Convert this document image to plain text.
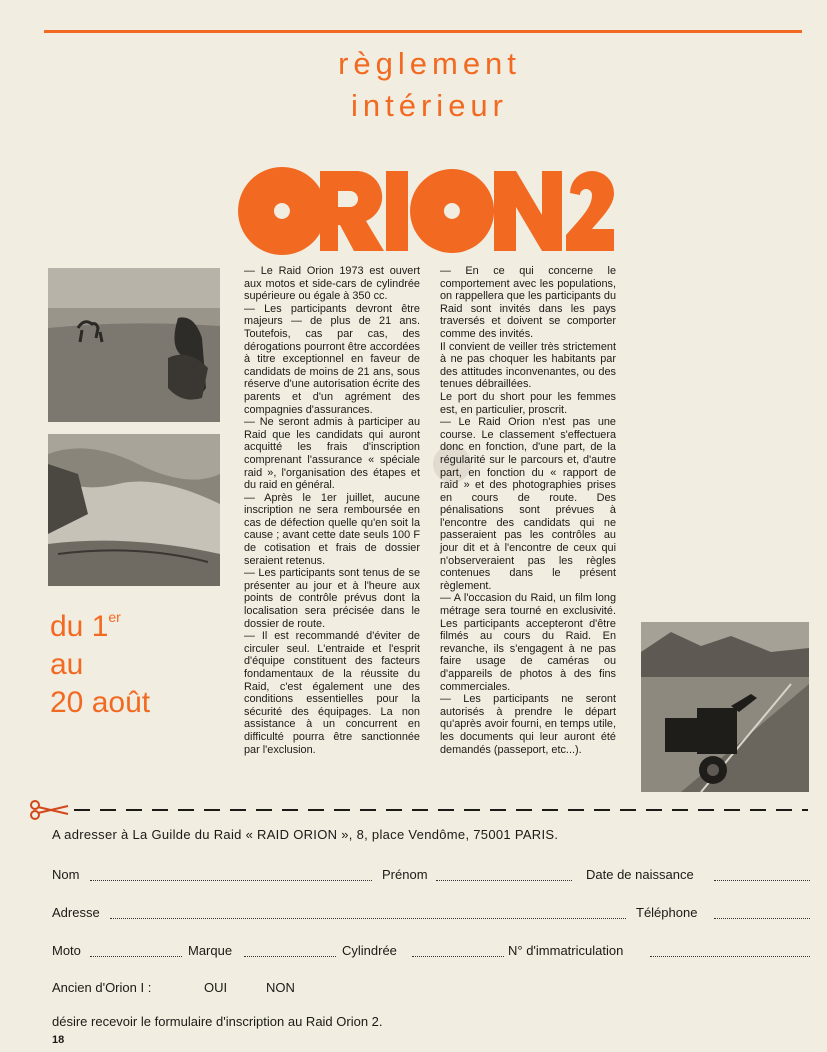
règlement
intérieur
du 1er
au
20 août

— Le Raid Orion 1973 est ouvert aux motos et side-cars de cylindrée supérieure ou égale à 350 cc.

— Les participants devront être majeurs — de plus de 21 ans. Toutefois, cas par cas, des dérogations pourront être accordées à titre exceptionnel en faveur de candidats de moins de 21 ans, sous réserve d'une autorisation écrite des parents et d'un agrément des compagnies d'assurances.

— Ne seront admis à participer au Raid que les candidats qui auront acquitté les frais d'inscription comprenant l'assurance « spéciale raid », l'organisation des étapes et du raid en général.

— Après le 1er juillet, aucune inscription ne sera remboursée en cas de défection quelle qu'en soit la cause ; avant cette date seuls 100 F de cotisation et frais de dossier seraient retenus.

— Les participants sont tenus de se présenter au jour et à l'heure aux points de contrôle prévus dont la localisation sera précisée dans le dossier de route.

— Il est recommandé d'éviter de circuler seul. L'entraide et l'esprit d'équipe constituent des facteurs fondamentaux de la réussite du Raid, c'est également une des conditions essentielles pour la sécurité des équipages. La non assistance à un concurrent en difficulté pourra être sanctionnée par l'exclusion.

— En ce qui concerne le comportement avec les populations, on rappellera que les participants du Raid sont invités dans les pays traversés et doivent se comporter comme des invités.

Il convient de veiller très strictement à ne pas choquer les habitants par des attitudes inconvenantes, ou des tenues débraillées.

Le port du short pour les femmes est, en particulier, proscrit.

— Le Raid Orion n'est pas une course. Le classement s'effectuera donc en fonction, d'une part, de la régularité sur le parcours et, d'autre part, en fonction du « rapport de raid » et des photographies prises en cours de route. Des pénalisations sont prévues à l'encontre des candidats qui ne passeraient pas les contrôles au jour dit et à l'encontre de ceux qui n'observeraient pas les règles contenues dans le présent règlement.

— A l'occasion du Raid, un film long métrage sera tourné en exclusivité. Les participants accepteront d'être filmés au cours du Raid. En revanche, ils s'engagent à ne pas faire usage de caméras ou d'appareils de photos à des fins commerciales.

— Les participants ne seront autorisés à prendre le départ qu'après avoir fourni, en temps utile, les documents qui leur auront été demandés (passeport, etc...).

A adresser à La Guilde du Raid « RAID ORION », 8, place Vendôme, 75001 PARIS.
Nom	Prénom	Date de naissance
Adresse	Téléphone
Moto	Marque	Cylindrée	N° d'immatriculation
Ancien d'Orion I :	OUI	NON
désire recevoir le formulaire d'inscription au Raid Orion 2.
18
